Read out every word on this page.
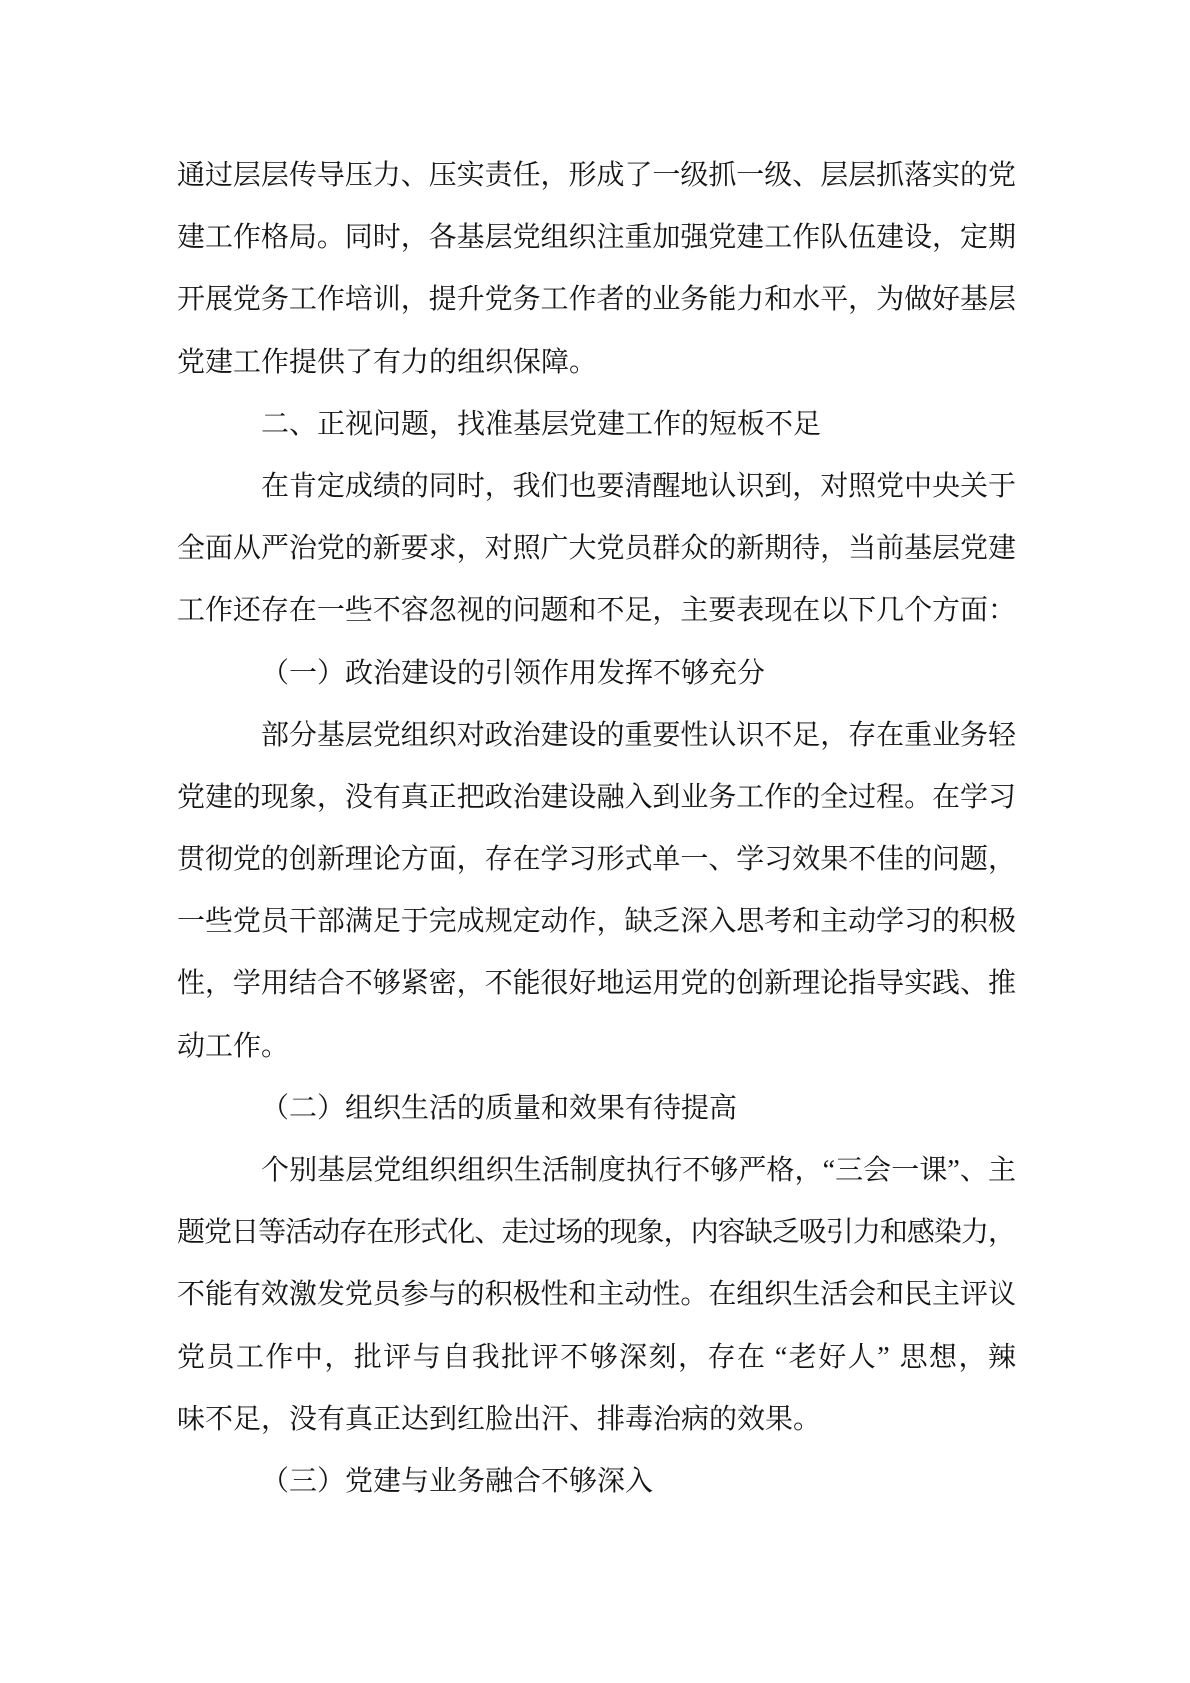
通过层层传导压力、压实责任，形成了一级抓一级、层层抓落实的党
建工作格局。同时，各基层党组织注重加强党建工作队伍建设，定期
开展党务工作培训，提升党务工作者的业务能力和水平，为做好基层
党建工作提供了有力的组织保障。
二、正视问题，找准基层党建工作的短板不足
在肯定成绩的同时，我们也要清醒地认识到，对照党中央关于
全面从严治党的新要求，对照广大党员群众的新期待，当前基层党建
工作还存在一些不容忽视的问题和不足，主要表现在以下几个方面：
（一）政治建设的引领作用发挥不够充分
部分基层党组织对政治建设的重要性认识不足，存在重业务轻
党建的现象，没有真正把政治建设融入到业务工作的全过程。在学习
贯彻党的创新理论方面，存在学习形式单一、学习效果不佳的问题，
一些党员干部满足于完成规定动作，缺乏深入思考和主动学习的积极
性，学用结合不够紧密，不能很好地运用党的创新理论指导实践、推
动工作。
（二）组织生活的质量和效果有待提高
个别基层党组织组织生活制度执行不够严格，“三会一课”、主
题党日等活动存在形式化、走过场的现象，内容缺乏吸引力和感染力，
不能有效激发党员参与的积极性和主动性。在组织生活会和民主评议
党员工作中，批评与自我批评不够深刻，存在 “老好人” 思想，辣
味不足，没有真正达到红脸出汗、排毒治病的效果。
（三）党建与业务融合不够深入
